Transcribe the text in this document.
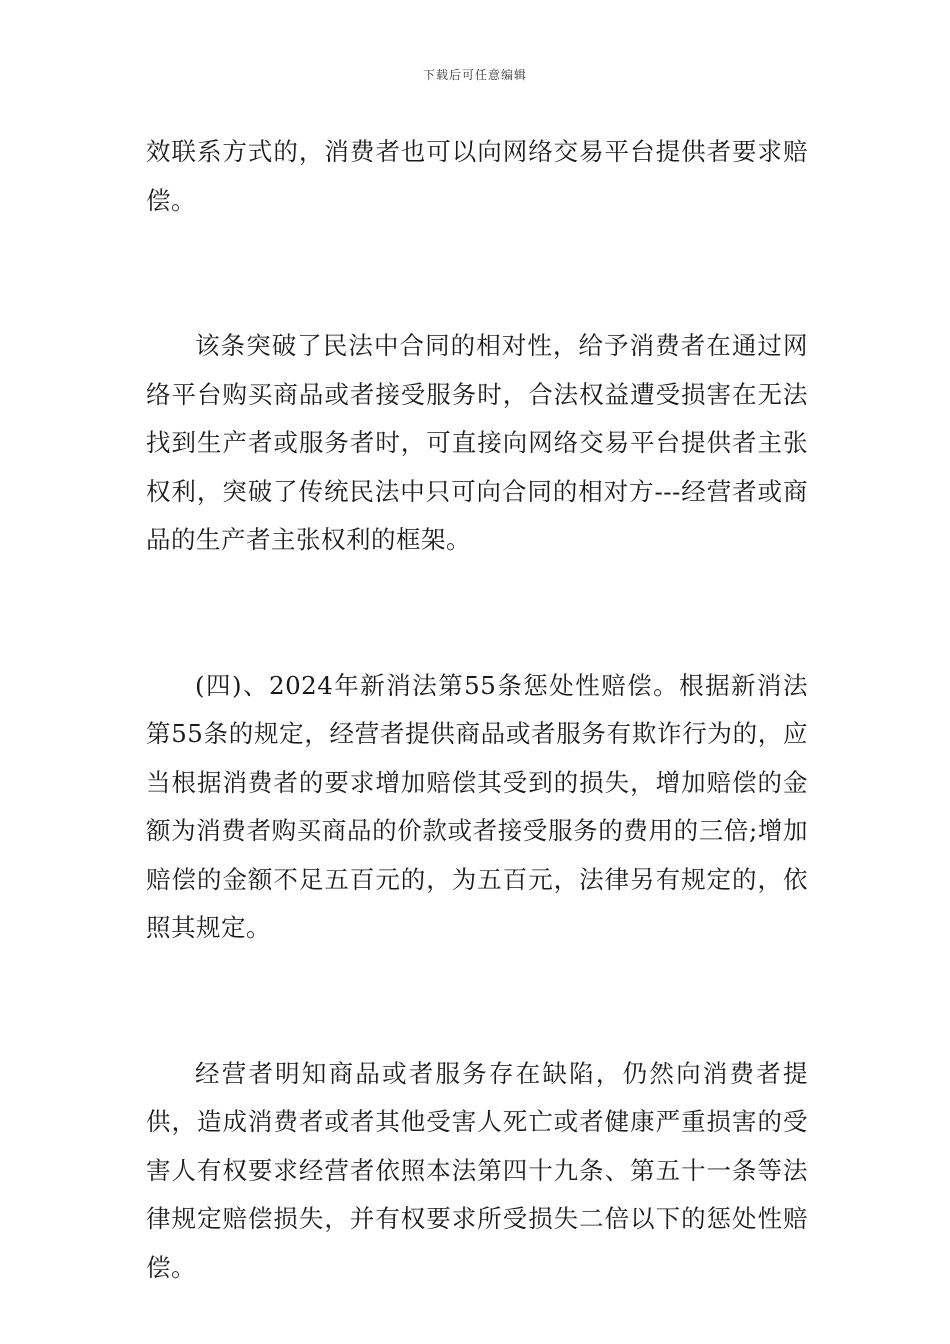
下载后可任意编辑

效联系方式的，消费者也可以向网络交易平台提供者要求赔偿。

该条突破了民法中合同的相对性，给予消费者在通过网络平台购买商品或者接受服务时，合法权益遭受损害在无法找到生产者或服务者时，可直接向网络交易平台提供者主张权利，突破了传统民法中只可向合同的相对方---经营者或商品的生产者主张权利的框架。

(四)、2024年新消法第55条惩处性赔偿。根据新消法第55条的规定，经营者提供商品或者服务有欺诈行为的，应当根据消费者的要求增加赔偿其受到的损失，增加赔偿的金额为消费者购买商品的价款或者接受服务的费用的三倍;增加赔偿的金额不足五百元的，为五百元，法律另有规定的，依照其规定。

经营者明知商品或者服务存在缺陷，仍然向消费者提供，造成消费者或者其他受害人死亡或者健康严重损害的受害人有权要求经营者依照本法第四十九条、第五十一条等法律规定赔偿损失，并有权要求所受损失二倍以下的惩处性赔偿。
